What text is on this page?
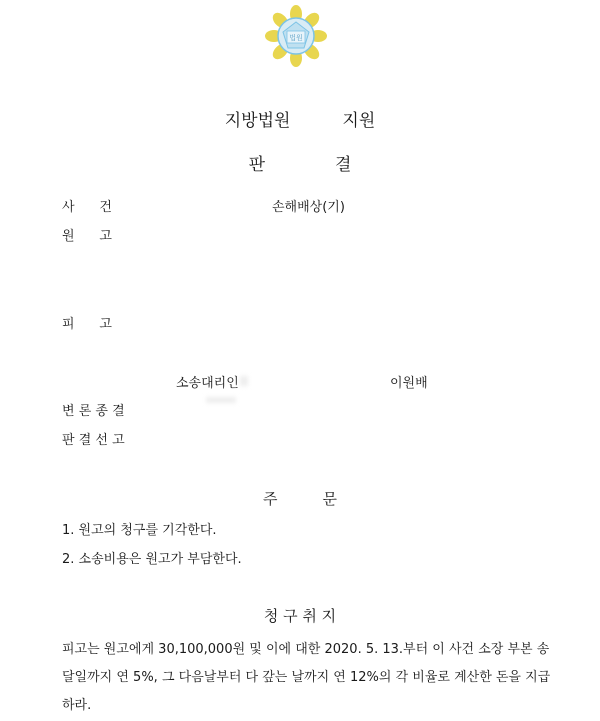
법원
지방법원	지원
판	결
사      건	손해배상(기)
원      고
피      고
소송대리인	이원배
변 론 종 결
판 결 선 고
주	문
1. 원고의 청구를 기각한다.
2. 소송비용은 원고가 부담한다.
청 구 취 지
피고는 원고에게 30,100,000원 및 이에 대한 2020. 5. 13.부터 이 사건 소장 부본 송달일까지 연 5%, 그 다음날부터 다 갚는 날까지 연 12%의 각 비율로 계산한 돈을 지급하라.
